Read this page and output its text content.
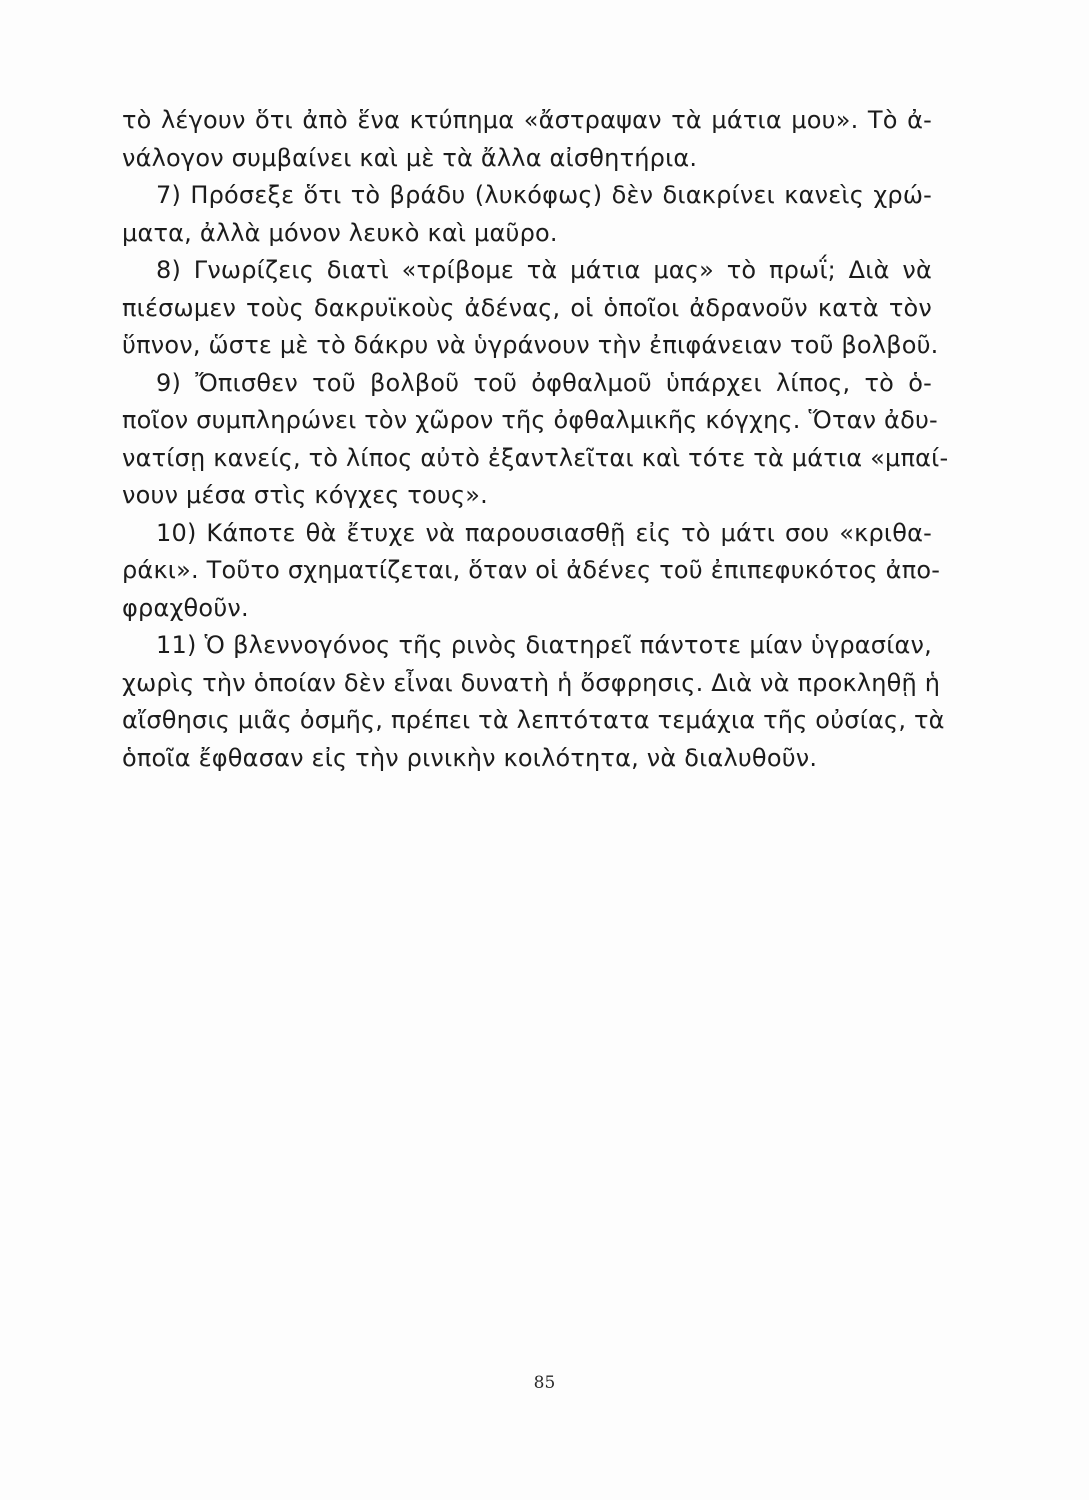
τὸ λέγουν ὅτι ἀπὸ ἕνα κτύπημα «ἄστραψαν τὰ μάτια μου». Τὸ ἀ-
νάλογον συμβαίνει καὶ μὲ τὰ ἄλλα αἰσθητήρια.
7) Πρόσεξε ὅτι τὸ βράδυ (λυκόφως) δὲν διακρίνει κανεὶς χρώ-
ματα, ἀλλὰ μόνον λευκὸ καὶ μαῦρο.
8) Γνωρίζεις διατὶ «τρίβομε τὰ μάτια μας» τὸ πρωΐ; Διὰ νὰ
πιέσωμεν τοὺς δακρυϊκοὺς ἀδένας, οἱ ὁποῖοι ἀδρανοῦν κατὰ τὸν
ὕπνον, ὥστε μὲ τὸ δάκρυ νὰ ὑγράνουν τὴν ἐπιφάνειαν τοῦ βολβοῦ.
9) Ὄπισθεν τοῦ βολβοῦ τοῦ ὀφθαλμοῦ ὑπάρχει λίπος, τὸ ὁ-
ποῖον συμπληρώνει τὸν χῶρον τῆς ὀφθαλμικῆς κόγχης. Ὅταν ἀδυ-
νατίσῃ κανείς, τὸ λίπος αὐτὸ ἐξαντλεῖται καὶ τότε τὰ μάτια «μπαί-
νουν μέσα στὶς κόγχες τους».
10) Κάποτε θὰ ἔτυχε νὰ παρουσιασθῇ εἰς τὸ μάτι σου «κριθα-
ράκι». Τοῦτο σχηματίζεται, ὅταν οἱ ἀδένες τοῦ ἐπιπεφυκότος ἀπο-
φραχθοῦν.
11) Ὁ βλεννογόνος τῆς ρινὸς διατηρεῖ πάντοτε μίαν ὑγρασίαν,
χωρὶς τὴν ὁποίαν δὲν εἶναι δυνατὴ ἡ ὄσφρησις. Διὰ νὰ προκληθῇ ἡ
αἴσθησις μιᾶς ὀσμῆς, πρέπει τὰ λεπτότατα τεμάχια τῆς οὐσίας, τὰ
ὁποῖα ἔφθασαν εἰς τὴν ρινικὴν κοιλότητα, νὰ διαλυθοῦν.
85
